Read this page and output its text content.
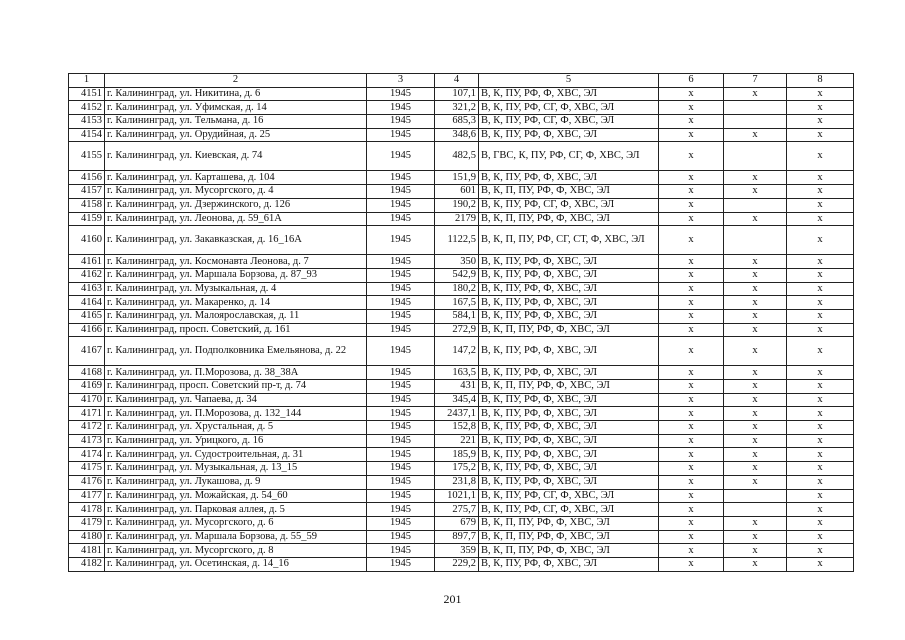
1	2	3	4	5	6	7	8
4151	г. Калининград, ул. Никитина, д. 6	1945	107,1	В, К, ПУ, РФ, Ф, ХВС, ЭЛ	х	х	х
4152	г. Калининград, ул. Уфимская, д. 14	1945	321,2	В, К, ПУ, РФ, СГ, Ф, ХВС, ЭЛ	х		х
4153	г. Калининград, ул. Тельмана, д. 16	1945	685,3	В, К, ПУ, РФ, СГ, Ф, ХВС, ЭЛ	х		х
4154	г. Калининград, ул. Орудийная, д. 25	1945	348,6	В, К, ПУ, РФ, Ф, ХВС, ЭЛ	х	х	х
4155	г. Калининград, ул. Киевская, д. 74	1945	482,5	В, ГВС, К, ПУ, РФ, СГ, Ф, ХВС, ЭЛ	х		х
4156	г. Калининград, ул. Карташева, д. 104	1945	151,9	В, К, ПУ, РФ, Ф, ХВС, ЭЛ	х	х	х
4157	г. Калининград, ул. Мусоргского, д. 4	1945	601	В, К, П, ПУ, РФ, Ф, ХВС, ЭЛ	х	х	х
4158	г. Калининград, ул. Дзержинского, д. 126	1945	190,2	В, К, ПУ, РФ, СГ, Ф, ХВС, ЭЛ	х		х
4159	г. Калининград, ул. Леонова, д. 59_61А	1945	2179	В, К, П, ПУ, РФ, Ф, ХВС, ЭЛ	х	х	х
4160	г. Калининград, ул. Закавказская, д. 16_16А	1945	1122,5	В, К, П, ПУ, РФ, СГ, СТ, Ф, ХВС, ЭЛ	х		х
4161	г. Калининград, ул. Космонавта Леонова, д. 7	1945	350	В, К, ПУ, РФ, Ф, ХВС, ЭЛ	х	х	х
4162	г. Калининград, ул. Маршала Борзова, д. 87_93	1945	542,9	В, К, ПУ, РФ, Ф, ХВС, ЭЛ	х	х	х
4163	г. Калининград, ул. Музыкальная, д. 4	1945	180,2	В, К, ПУ, РФ, Ф, ХВС, ЭЛ	х	х	х
4164	г. Калининград, ул. Макаренко, д. 14	1945	167,5	В, К, ПУ, РФ, Ф, ХВС, ЭЛ	х	х	х
4165	г. Калининград, ул. Малоярославская, д. 11	1945	584,1	В, К, ПУ, РФ, Ф, ХВС, ЭЛ	х	х	х
4166	г. Калининград, просп. Советский, д. 161	1945	272,9	В, К, П, ПУ, РФ, Ф, ХВС, ЭЛ	х	х	х
4167	г. Калининград, ул. Подполковника Емельянова, д. 22	1945	147,2	В, К, ПУ, РФ, Ф, ХВС, ЭЛ	х	х	х
4168	г. Калининград, ул. П.Морозова, д. 38_38А	1945	163,5	В, К, ПУ, РФ, Ф, ХВС, ЭЛ	х	х	х
4169	г. Калининград, просп. Советский пр-т, д. 74	1945	431	В, К, П, ПУ, РФ, Ф, ХВС, ЭЛ	х	х	х
4170	г. Калининград, ул. Чапаева, д. 34	1945	345,4	В, К, ПУ, РФ, Ф, ХВС, ЭЛ	х	х	х
4171	г. Калининград, ул. П.Морозова, д. 132_144	1945	2437,1	В, К, ПУ, РФ, Ф, ХВС, ЭЛ	х	х	х
4172	г. Калининград, ул. Хрустальная, д. 5	1945	152,8	В, К, ПУ, РФ, Ф, ХВС, ЭЛ	х	х	х
4173	г. Калининград, ул. Урицкого, д. 16	1945	221	В, К, ПУ, РФ, Ф, ХВС, ЭЛ	х	х	х
4174	г. Калининград, ул. Судостроительная, д. 31	1945	185,9	В, К, ПУ, РФ, Ф, ХВС, ЭЛ	х	х	х
4175	г. Калининград, ул. Музыкальная, д. 13_15	1945	175,2	В, К, ПУ, РФ, Ф, ХВС, ЭЛ	х	х	х
4176	г. Калининград, ул. Лукашова, д. 9	1945	231,8	В, К, ПУ, РФ, Ф, ХВС, ЭЛ	х	х	х
4177	г. Калининград, ул. Можайская, д. 54_60	1945	1021,1	В, К, ПУ, РФ, СГ, Ф, ХВС, ЭЛ	х		х
4178	г. Калининград, ул. Парковая аллея, д. 5	1945	275,7	В, К, ПУ, РФ, СГ, Ф, ХВС, ЭЛ	х		х
4179	г. Калининград, ул. Мусоргского, д. 6	1945	679	В, К, П, ПУ, РФ, Ф, ХВС, ЭЛ	х	х	х
4180	г. Калининград, ул. Маршала Борзова, д. 55_59	1945	897,7	В, К, П, ПУ, РФ, Ф, ХВС, ЭЛ	х	х	х
4181	г. Калининград, ул. Мусоргского, д. 8	1945	359	В, К, П, ПУ, РФ, Ф, ХВС, ЭЛ	х	х	х
4182	г. Калининград, ул. Осетинская, д. 14_16	1945	229,2	В, К, ПУ, РФ, Ф, ХВС, ЭЛ	х	х	х
201
